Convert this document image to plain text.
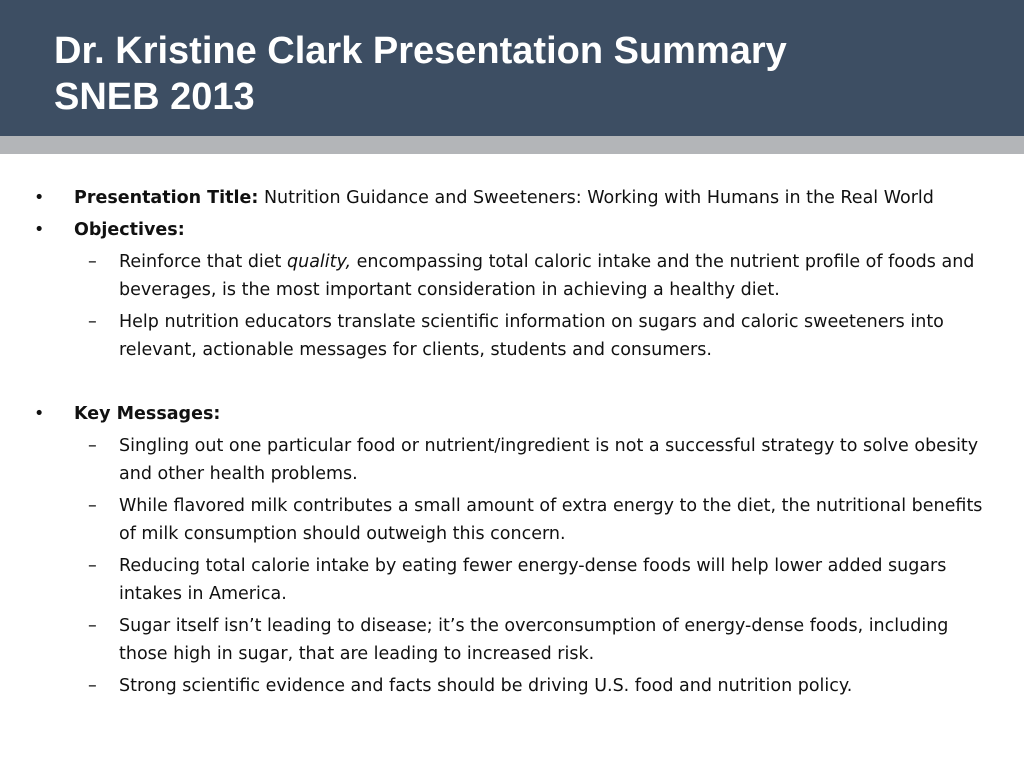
Dr. Kristine Clark Presentation Summary
SNEB 2013
• Presentation Title: Nutrition Guidance and Sweeteners: Working with Humans in the Real World
• Objectives:
– Reinforce that diet quality, encompassing total caloric intake and the nutrient profile of foods and beverages, is the most important consideration in achieving a healthy diet.
– Help nutrition educators translate scientific information on sugars and caloric sweeteners into relevant, actionable messages for clients, students and consumers.
• Key Messages:
– Singling out one particular food or nutrient/ingredient is not a successful strategy to solve obesity and other health problems.
– While flavored milk contributes a small amount of extra energy to the diet, the nutritional benefits of milk consumption should outweigh this concern.
– Reducing total calorie intake by eating fewer energy-dense foods will help lower added sugars intakes in America.
– Sugar itself isn’t leading to disease; it’s the overconsumption of energy-dense foods, including those high in sugar, that are leading to increased risk.
– Strong scientific evidence and facts should be driving U.S. food and nutrition policy.
